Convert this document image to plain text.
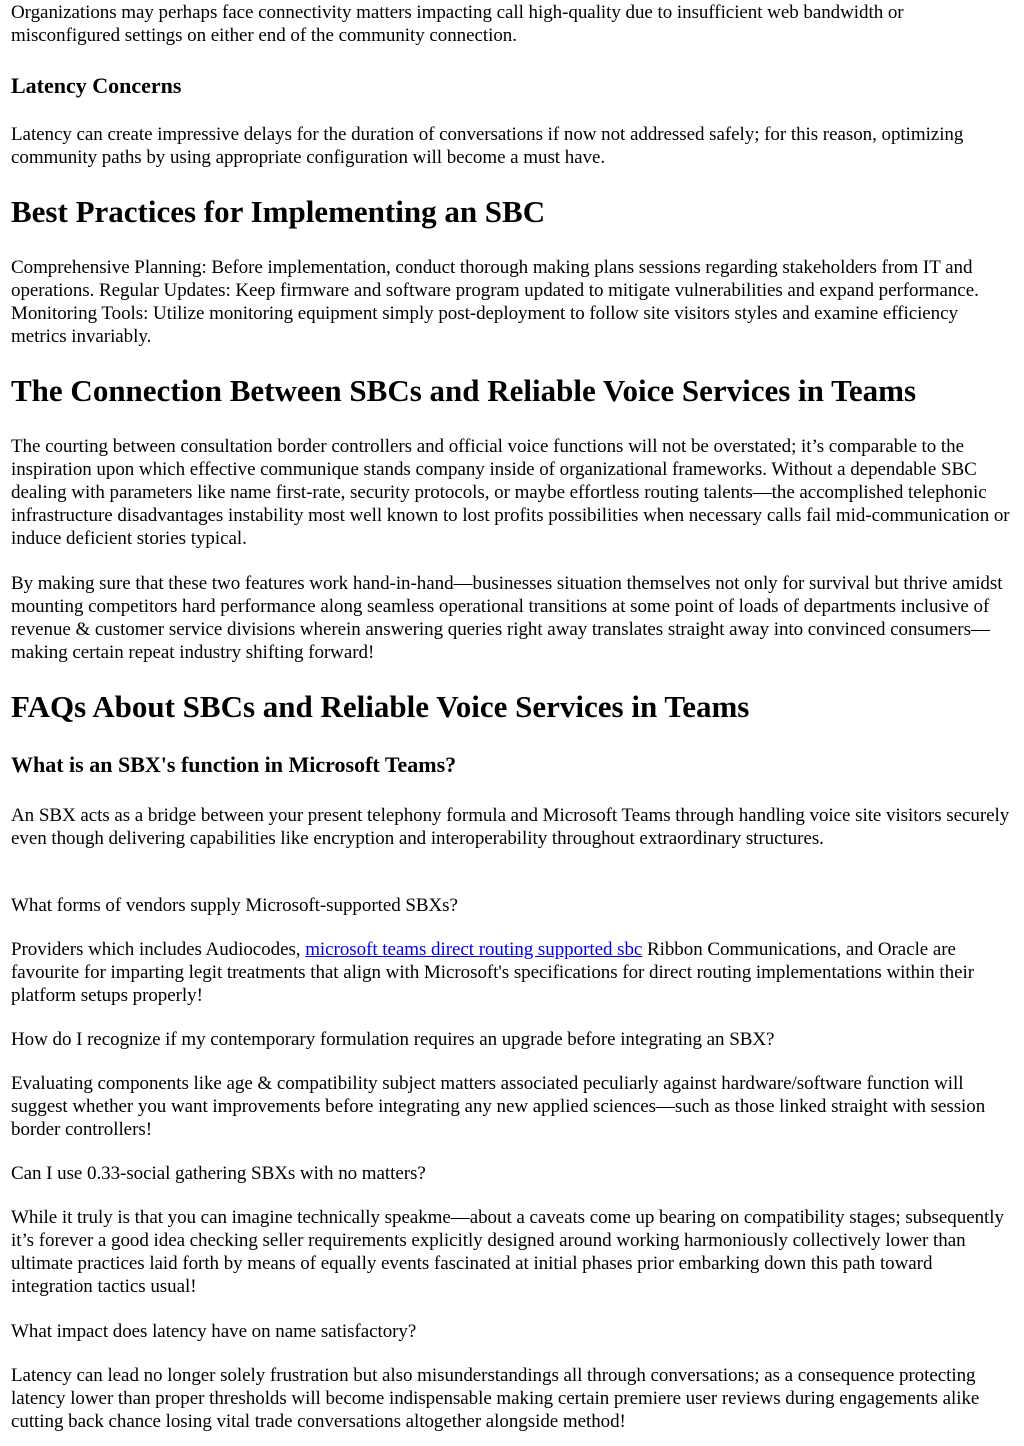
Organizations may perhaps face connectivity matters impacting call high-quality due to insufficient web bandwidth or misconfigured settings on either end of the community connection.

Latency Concerns

Latency can create impressive delays for the duration of conversations if now not addressed safely; for this reason, optimizing community paths by using appropriate configuration will become a must have.

Best Practices for Implementing an SBC

Comprehensive Planning: Before implementation, conduct thorough making plans sessions regarding stakeholders from IT and operations. Regular Updates: Keep firmware and software program updated to mitigate vulnerabilities and expand performance. Monitoring Tools: Utilize monitoring equipment simply post-deployment to follow site visitors styles and examine efficiency metrics invariably.

The Connection Between SBCs and Reliable Voice Services in Teams

The courting between consultation border controllers and official voice functions will not be overstated; it’s comparable to the inspiration upon which effective communique stands company inside of organizational frameworks. Without a dependable SBC dealing with parameters like name first-rate, security protocols, or maybe effortless routing talents—the accomplished telephonic infrastructure disadvantages instability most well known to lost profits possibilities when necessary calls fail mid-communication or induce deficient stories typical.

By making sure that these two features work hand-in-hand—businesses situation themselves not only for survival but thrive amidst mounting competitors hard performance along seamless operational transitions at some point of loads of departments inclusive of revenue & customer service divisions wherein answering queries right away translates straight away into convinced consumers—making certain repeat industry shifting forward!

FAQs About SBCs and Reliable Voice Services in Teams
What is an SBX's function in Microsoft Teams?

An SBX acts as a bridge between your present telephony formula and Microsoft Teams through handling voice site visitors securely even though delivering capabilities like encryption and interoperability throughout extraordinary structures.

What forms of vendors supply Microsoft-supported SBXs?

Providers which includes Audiocodes, microsoft teams direct routing supported sbc Ribbon Communications, and Oracle are favourite for imparting legit treatments that align with Microsoft's specifications for direct routing implementations within their platform setups properly!

How do I recognize if my contemporary formulation requires an upgrade before integrating an SBX?

Evaluating components like age & compatibility subject matters associated peculiarly against hardware/software function will suggest whether you want improvements before integrating any new applied sciences—such as those linked straight with session border controllers!

Can I use 0.33-social gathering SBXs with no matters?

While it truly is that you can imagine technically speakme—about a caveats come up bearing on compatibility stages; subsequently it’s forever a good idea checking seller requirements explicitly designed around working harmoniously collectively lower than ultimate practices laid forth by means of equally events fascinated at initial phases prior embarking down this path toward integration tactics usual!

What impact does latency have on name satisfactory?

Latency can lead no longer solely frustration but also misunderstandings all through conversations; as a consequence protecting latency lower than proper thresholds will become indispensable making certain premiere user reviews during engagements alike cutting back chance losing vital trade conversations altogether alongside method!
